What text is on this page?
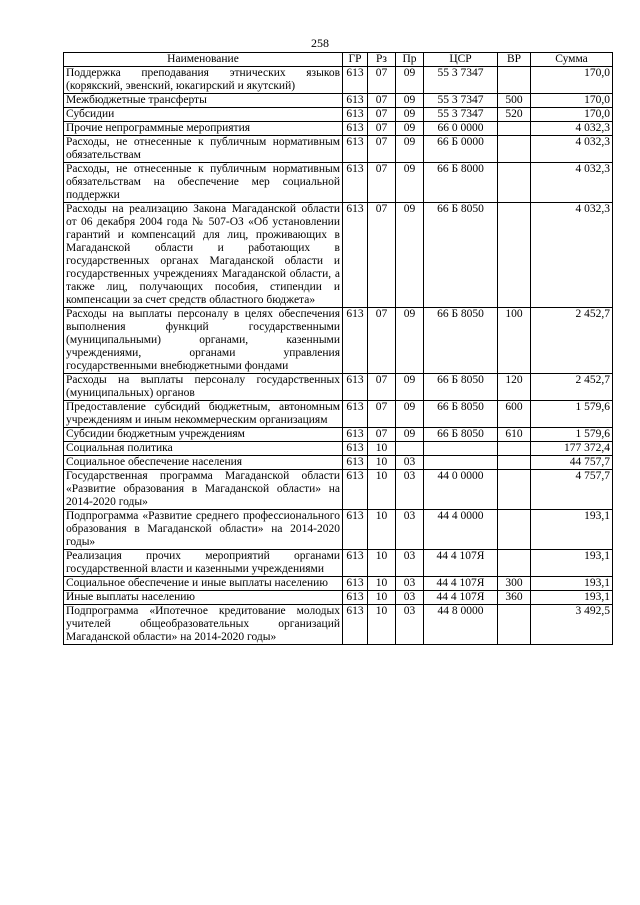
258
Наименование	ГР	Рз	Пр	ЦСР	ВР	Сумма
Поддержка преподавания этнических языков (корякский, эвенский, юкагирский и якутский)	613	07	09	55 3 7347		170,0
Межбюджетные трансферты	613	07	09	55 3 7347	500	170,0
Субсидии	613	07	09	55 3 7347	520	170,0
Прочие непрограммные мероприятия	613	07	09	66 0 0000		4 032,3
Расходы, не отнесенные к публичным нормативным обязательствам	613	07	09	66 Б 0000		4 032,3
Расходы, не отнесенные к публичным нормативным обязательствам на обеспечение мер социальной поддержки	613	07	09	66 Б 8000		4 032,3
Расходы на реализацию Закона Магаданской области от 06 декабря 2004 года № 507-ОЗ «Об установлении гарантий и компенсаций для лиц, проживающих в Магаданской области и работающих в государственных органах Магаданской области и государственных учреждениях Магаданской области, а также лиц, получающих пособия, стипендии и компенсации за счет средств областного бюджета»	613	07	09	66 Б 8050		4 032,3
Расходы на выплаты персоналу в целях обеспечения выполнения функций государственными (муниципальными) органами, казенными учреждениями, органами управления государственными внебюджетными фондами	613	07	09	66 Б 8050	100	2 452,7
Расходы на выплаты персоналу государственных (муниципальных) органов	613	07	09	66 Б 8050	120	2 452,7
Предоставление субсидий бюджетным, автономным учреждениям и иным некоммерческим организациям	613	07	09	66 Б 8050	600	1 579,6
Субсидии бюджетным учреждениям	613	07	09	66 Б 8050	610	1 579,6
Социальная политика	613	10				177 372,4
Социальное обеспечение населения	613	10	03			44 757,7
Государственная программа Магаданской области «Развитие образования в Магаданской области» на 2014-2020 годы»	613	10	03	44 0 0000		4 757,7
Подпрограмма «Развитие среднего профессионального образования в Магаданской области» на 2014-2020 годы»	613	10	03	44 4 0000		193,1
Реализация прочих мероприятий органами государственной власти и казенными учреждениями	613	10	03	44 4 107Я		193,1
Социальное обеспечение и иные выплаты населению	613	10	03	44 4 107Я	300	193,1
Иные выплаты населению	613	10	03	44 4 107Я	360	193,1
Подпрограмма «Ипотечное кредитование молодых учителей общеобразовательных организаций Магаданской области» на 2014-2020 годы»	613	10	03	44 8 0000		3 492,5
